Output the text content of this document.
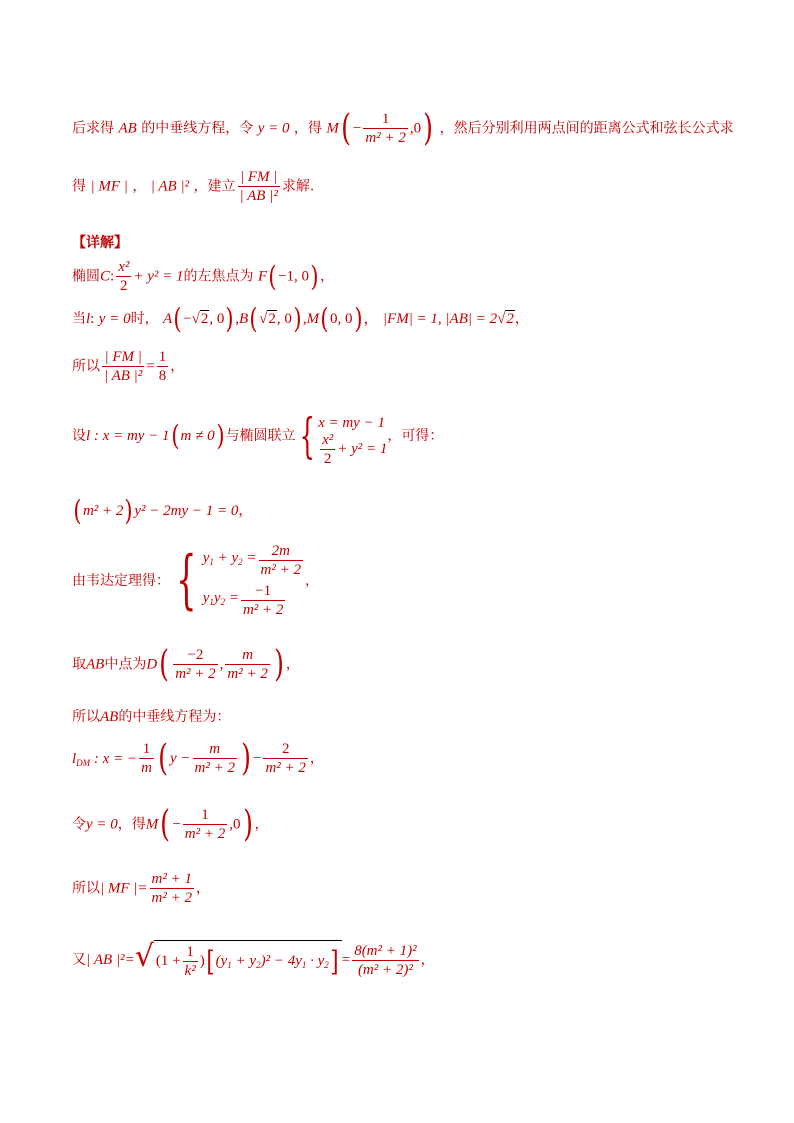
后求得 AB 的中垂线方程，令 y = 0 ，得 $M( - \frac{1}{\text{m² + 2}} ,0)$ ，然后分别利用两点间的距离公式和弦长公式求
得 | MF | ， | AB |² ，建立 $\frac{| FM |}{\text{| AB |²}}$ 求解.
【详解】
椭圆C: $\frac{\text{x²}}{2} + y^2 = 1$的左焦点为 F(−1, 0)，
当l: y = 0时， A(−√2, 0),B(√2, 0),M(0, 0)， |FM| = 1, |AB| = 2√2，
所以 $\frac{| FM |}{\text{| AB |²}} = \frac{1}{8}$ ，
设l : x = my − 1(m ≠ 0)与椭圆联立{ x = my − 1
$\frac{\text{x²}}{2} + y^2 = 1$
，可得：
(m² + 2)y² − 2my − 1 = 0，
由韦达定理得：{ $y_1 + y_2 = \frac{2m}{\text{m² + 2}}$
$y_1y_2 = \frac{-1}{\text{m² + 2}}$
，
取AB中点为$D( \frac{-2}{\text{m² + 2}}$ , $\frac{m}{\text{m² + 2}}$ ) ，
所以AB的中垂线方程为：
$l_{DM}$ : x = − $\frac{1}{m}$ ( $y - \frac{m}{\text{m² + 2}}$ ) − $\frac{2}{\text{m² + 2}}$ ，
令y = 0，得$M( - \frac{1}{\text{m² + 2}} ,0)$ ，
所以| MF |= $\frac{\text{m² + 1}}{\text{m² + 2}}$ ，
又| AB |²= √ ($1 + \frac{1}{\text{k²}}$ ) [ $(y_1 + y_2)^2 - 4y_1 \cdot y_2$ ] = $\frac{\text{8(m² + 1)²}}{\text{(m² + 2)²}}$ ，
